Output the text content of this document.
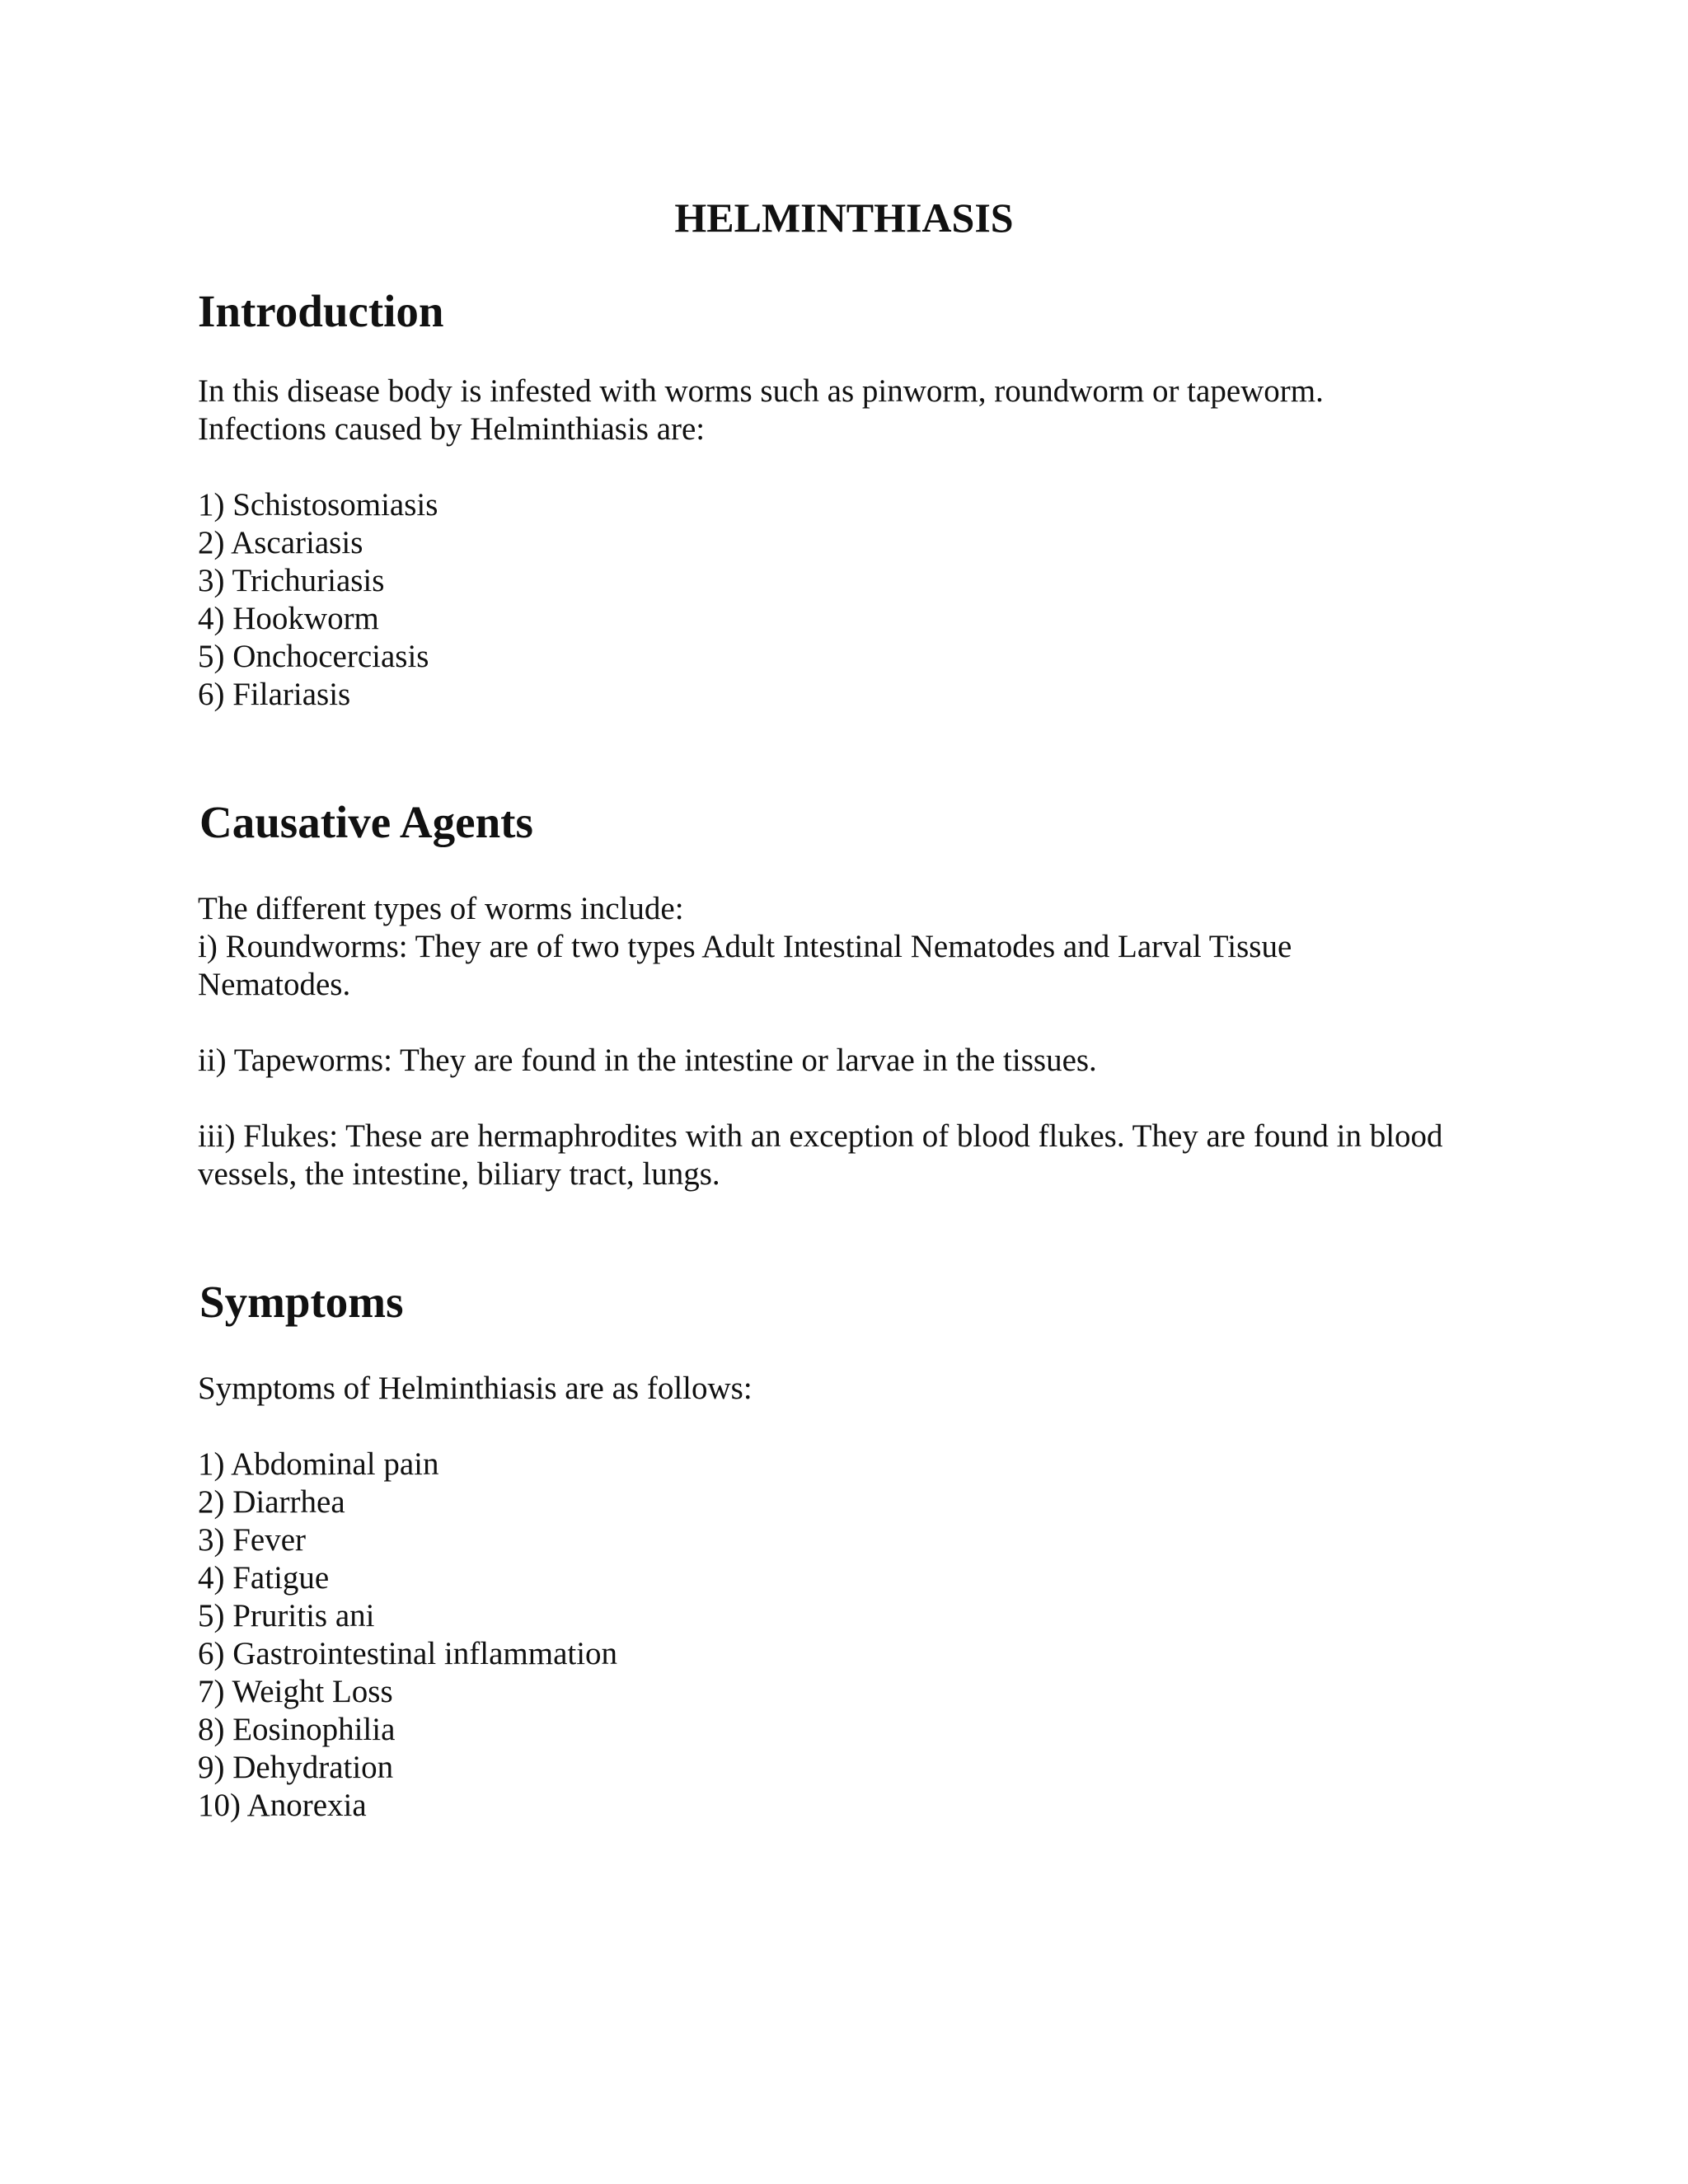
HELMINTHIASIS
Introduction

In this disease body is infested with worms such as pinworm, roundworm or tapeworm.

Infections caused by Helminthiasis are:

1) Schistosomiasis
2) Ascariasis
3) Trichuriasis
4) Hookworm
5) Onchocerciasis
6) Filariasis
Causative Agents

The different types of worms include:

i) Roundworms: They are of two types Adult Intestinal Nematodes and Larval Tissue

Nematodes.

ii) Tapeworms: They are found in the intestine or larvae in the tissues.

iii) Flukes: These are hermaphrodites with an exception of blood flukes. They are found in blood

vessels, the intestine, biliary tract, lungs.

Symptoms

Symptoms of Helminthiasis are as follows:

1) Abdominal pain
2) Diarrhea
3) Fever
4) Fatigue
5) Pruritis ani
6) Gastrointestinal inflammation
7) Weight Loss
8) Eosinophilia
9) Dehydration
10) Anorexia
